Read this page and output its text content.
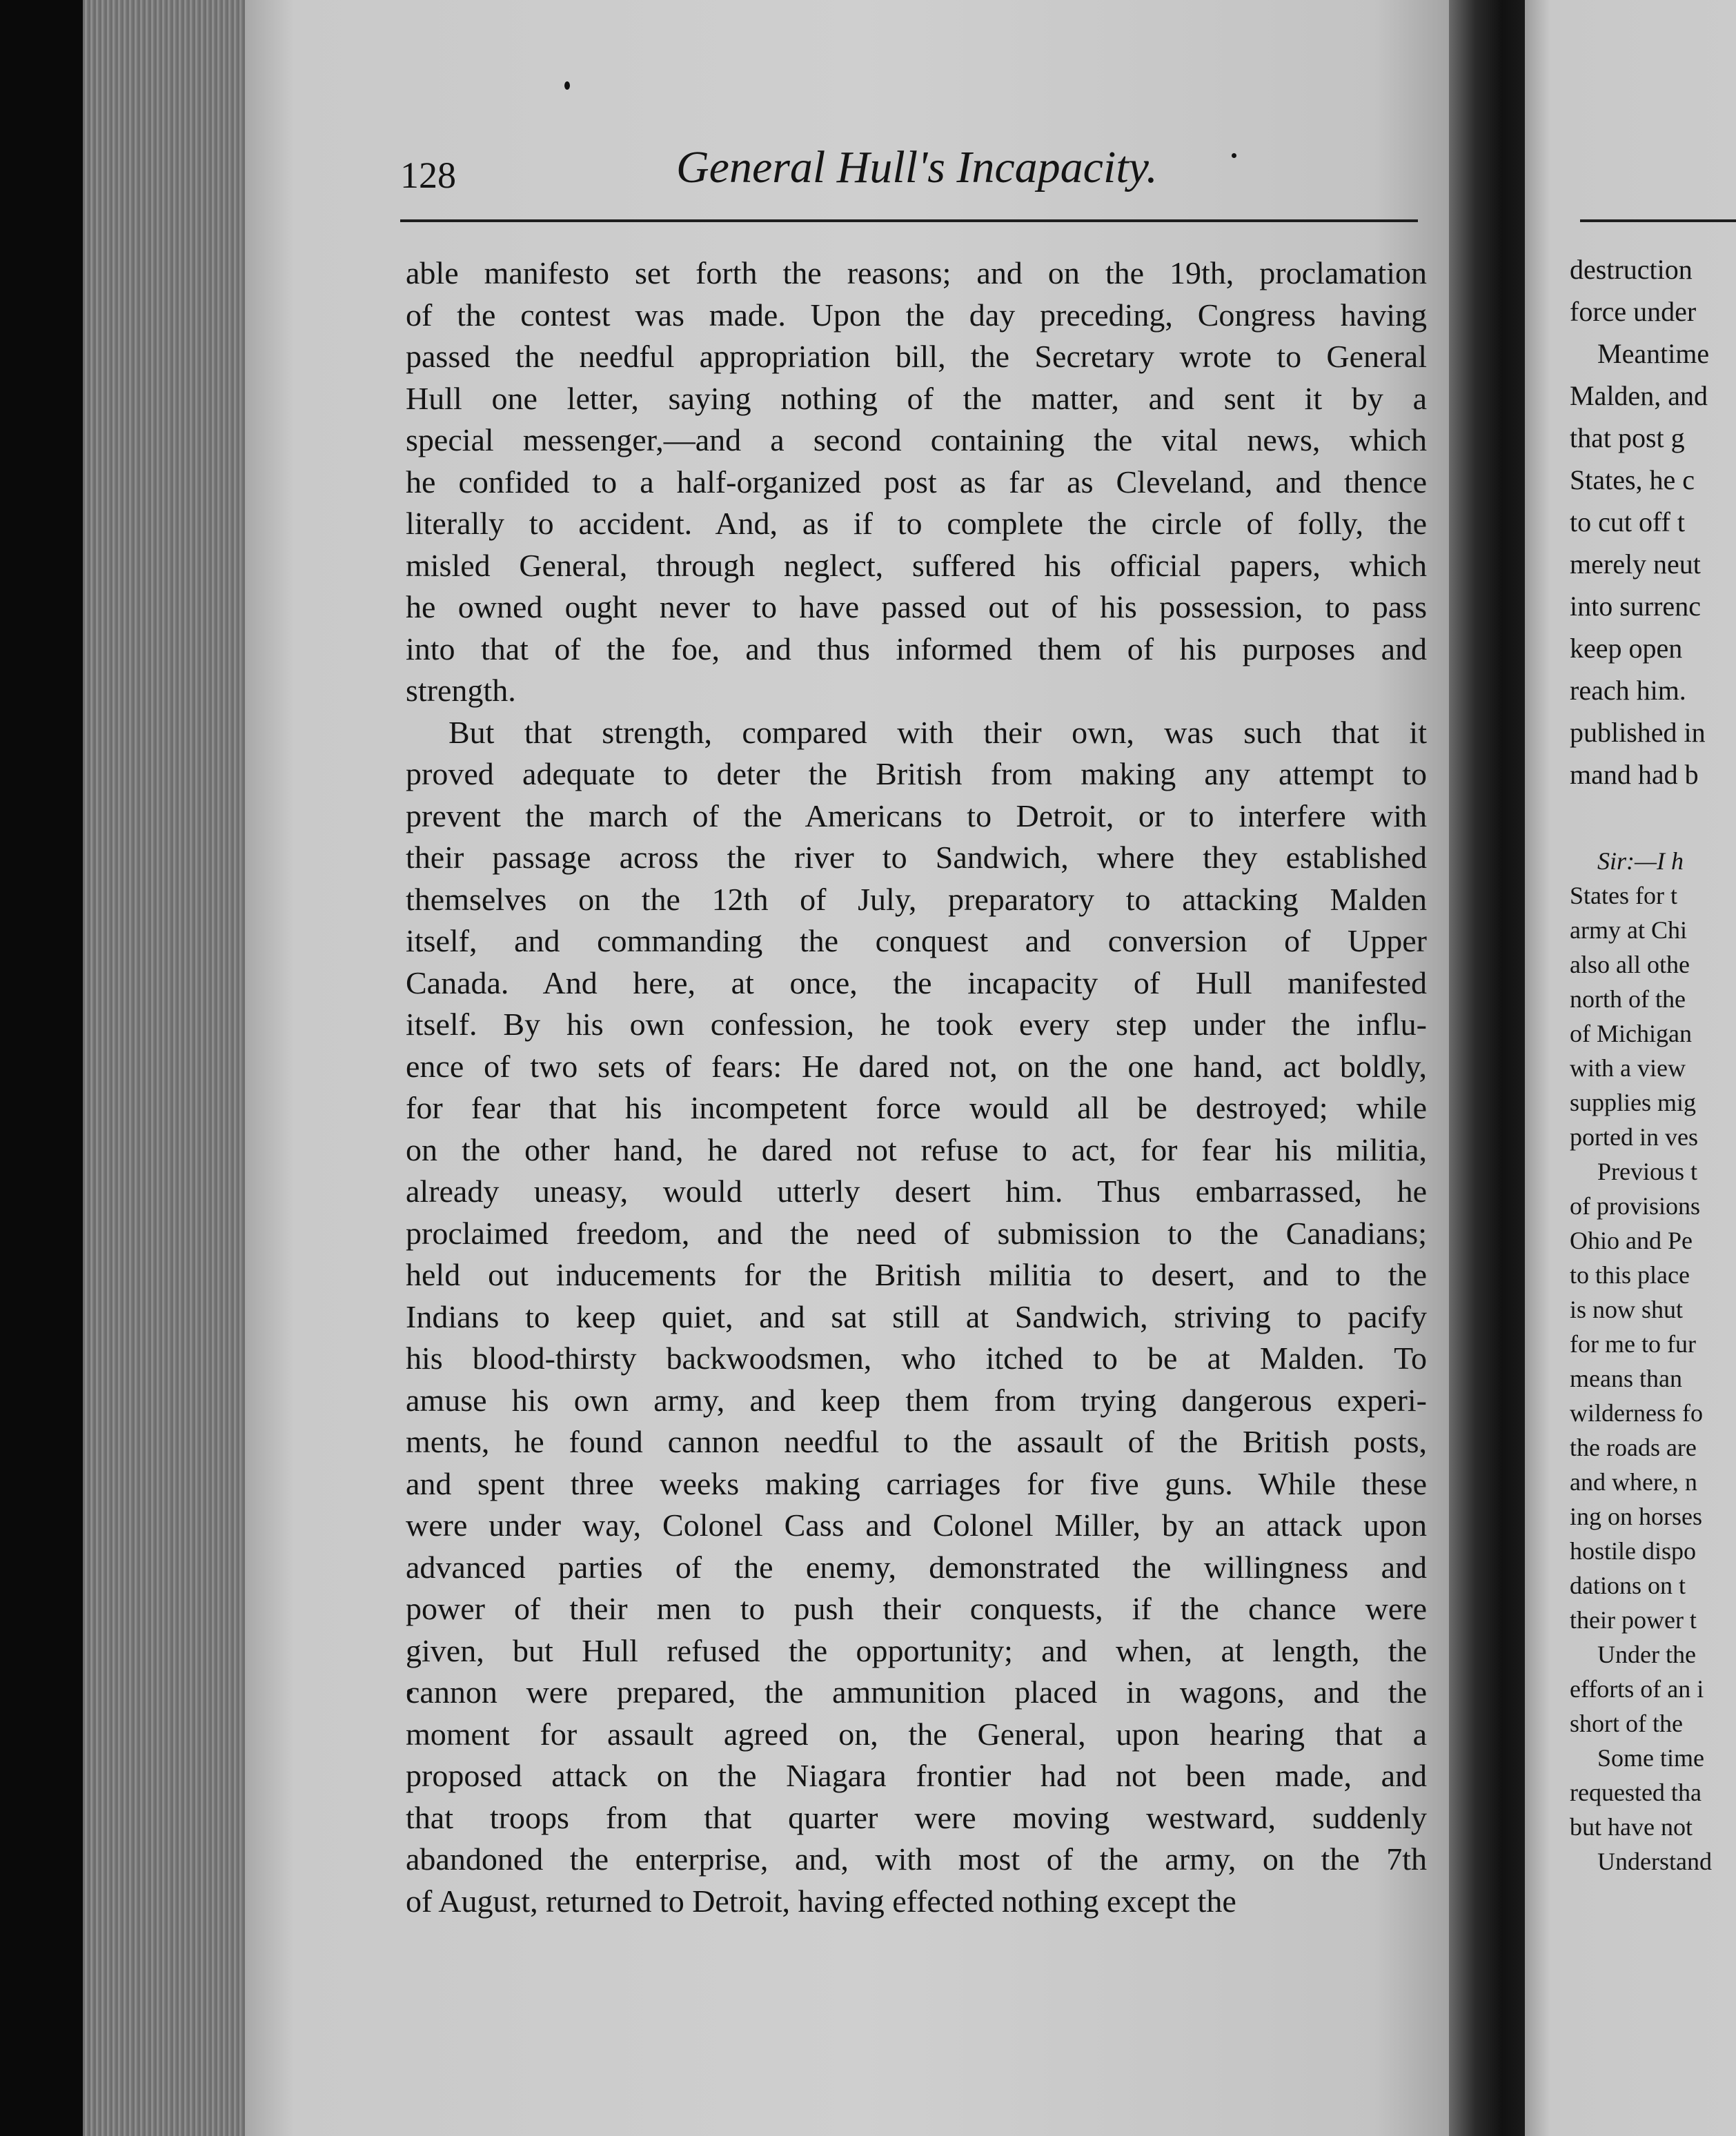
128	General Hull's Incapacity.
able manifesto set forth the reasons; and on the 19th, proclamation
of the contest was made. Upon the day preceding, Congress having
passed the needful appropriation bill, the Secretary wrote to General
Hull one letter, saying nothing of the matter, and sent it by a
special messenger,—and a second containing the vital news, which
he confided to a half-organized post as far as Cleveland, and thence
literally to accident. And, as if to complete the circle of folly, the
misled General, through neglect, suffered his official papers, which
he owned ought never to have passed out of his possession, to pass
into that of the foe, and thus informed them of his purposes and
strength.
But that strength, compared with their own, was such that it
proved adequate to deter the British from making any attempt to
prevent the march of the Americans to Detroit, or to interfere with
their passage across the river to Sandwich, where they established
themselves on the 12th of July, preparatory to attacking Malden
itself, and commanding the conquest and conversion of Upper
Canada. And here, at once, the incapacity of Hull manifested
itself. By his own confession, he took every step under the influ-
ence of two sets of fears: He dared not, on the one hand, act boldly,
for fear that his incompetent force would all be destroyed; while
on the other hand, he dared not refuse to act, for fear his militia,
already uneasy, would utterly desert him. Thus embarrassed, he
proclaimed freedom, and the need of submission to the Canadians;
held out inducements for the British militia to desert, and to the
Indians to keep quiet, and sat still at Sandwich, striving to pacify
his blood-thirsty backwoodsmen, who itched to be at Malden. To
amuse his own army, and keep them from trying dangerous experi-
ments, he found cannon needful to the assault of the British posts,
and spent three weeks making carriages for five guns. While these
were under way, Colonel Cass and Colonel Miller, by an attack upon
advanced parties of the enemy, demonstrated the willingness and
power of their men to push their conquests, if the chance were
given, but Hull refused the opportunity; and when, at length, the
cannon were prepared, the ammunition placed in wagons, and the
moment for assault agreed on, the General, upon hearing that a
proposed attack on the Niagara frontier had not been made, and
that troops from that quarter were moving westward, suddenly
abandoned the enterprise, and, with most of the army, on the 7th
of August, returned to Detroit, having effected nothing except the
destruction
force under
Meantime
Malden, and
that post g
States, he c
to cut off t
merely neut
into surrenc
keep open
reach him.
published in
mand had b
Sir:—I h
States for t
army at Chi
also all othe
north of the
of Michigan
with a view
supplies mig
ported in ves
Previous t
of provisions
Ohio and Pe
to this place
is now shut
for me to fur
means than
wilderness fo
the roads are
and where, n
ing on horses
hostile dispo
dations on t
their power t
Under the
efforts of an i
short of the
Some time
requested tha
but have not
Understand
